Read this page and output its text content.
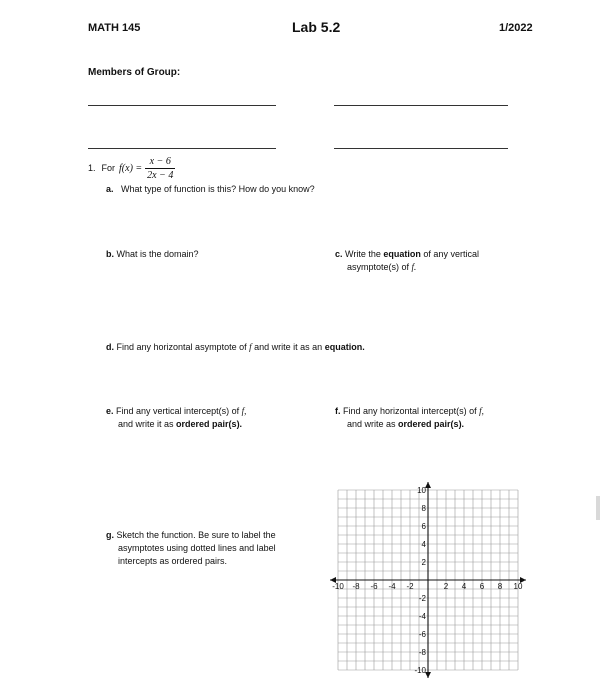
MATH 145	Lab 5.2	1/2022
Members of Group:
1. For $f(x) = \frac{x - 6}{2x - 4}$
a. What type of function is this? How do you know?
b. What is the domain?	c. Write the equation of any vertical
asymptote(s) of f.
d. Find any horizontal asymptote of f and write it as an equation.
e. Find any vertical intercept(s) of f,
and write it as ordered pair(s).
f. Find any horizontal intercept(s) of f,
and write as ordered pair(s).
g. Sketch the function. Be sure to label the
asymptotes using dotted lines and label
intercepts as ordered pairs.
-10 -8 -6 -4 -2	2 4 6 8 10
10
8
6
4
2
-2
-4
-6
-8
-10
